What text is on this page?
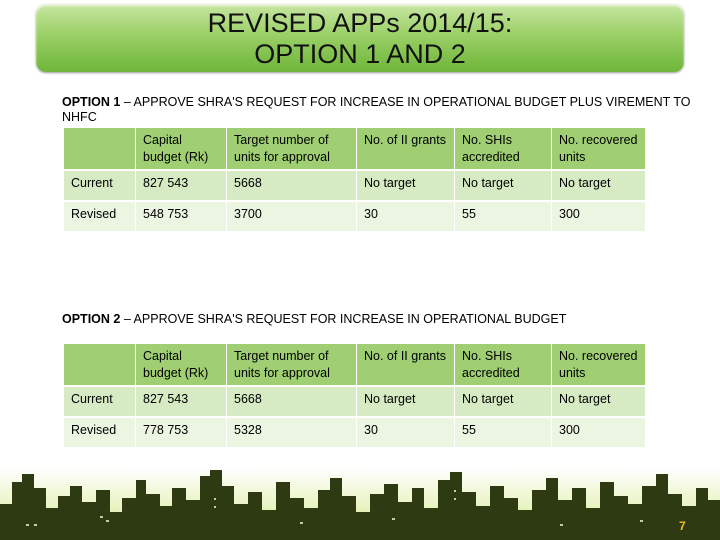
REVISED APPs 2014/15:
OPTION 1 AND 2
OPTION 1 – APPROVE SHRA'S REQUEST FOR INCREASE IN OPERATIONAL BUDGET PLUS VIREMENT TO NHFC
	Capital budget (Rk)	Target number of units for approval	No. of II grants	No. SHIs accredited	No. recovered units
Current	827 543	5668	No target	No target	No target
Revised	548 753	3700	30	55	300
OPTION 2 – APPROVE SHRA'S REQUEST FOR INCREASE IN OPERATIONAL BUDGET
	Capital budget (Rk)	Target number of units for approval	No. of II grants	No. SHIs accredited	No. recovered units
Current	827 543	5668	No target	No target	No target
Revised	778 753	5328	30	55	300
7
